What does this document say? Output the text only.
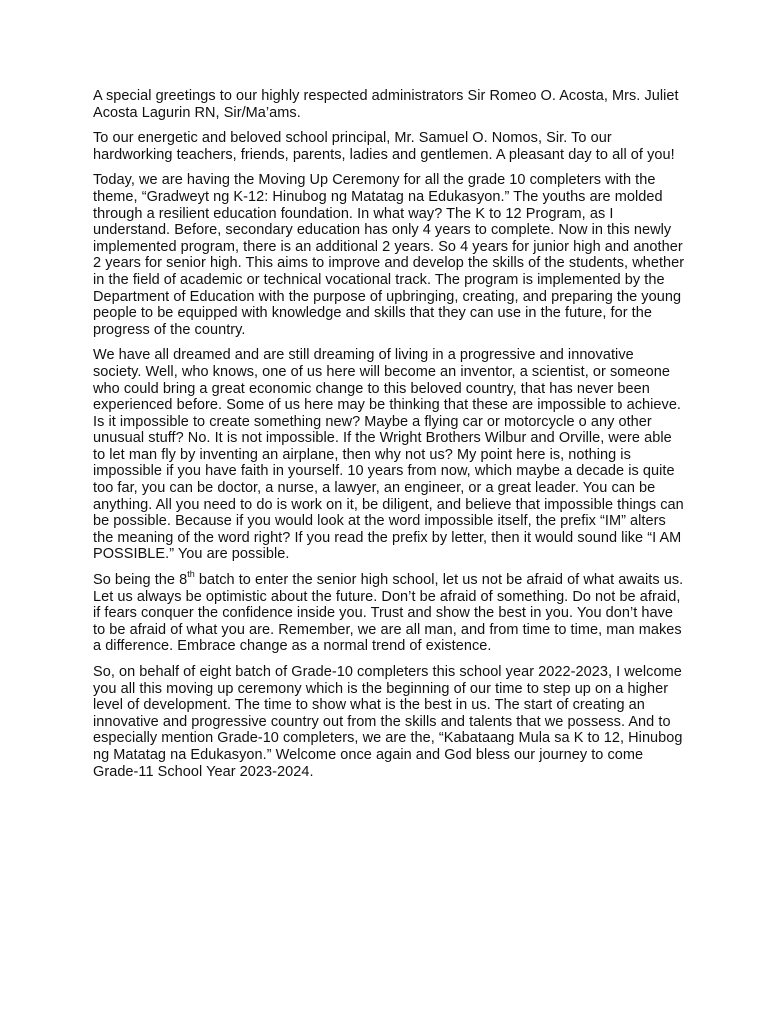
A special greetings to our highly respected administrators Sir Romeo O. Acosta, Mrs. Juliet Acosta Lagurin RN, Sir/Ma’ams.

To our energetic and beloved school principal, Mr. Samuel O. Nomos, Sir. To our hardworking teachers, friends, parents, ladies and gentlemen. A pleasant day to all of you!

Today, we are having the Moving Up Ceremony for all the grade 10 completers with the theme, “Gradweyt ng K-12: Hinubog ng Matatag na Edukasyon.” The youths are molded through a resilient education foundation. In what way? The K to 12 Program, as I understand. Before, secondary education has only 4 years to complete. Now in this newly implemented program, there is an additional 2 years. So 4 years for junior high and another 2 years for senior high. This aims to improve and develop the skills of the students, whether in the field of academic or technical vocational track. The program is implemented by the Department of Education with the purpose of upbringing, creating, and preparing the young people to be equipped with knowledge and skills that they can use in the future, for the progress of the country.

We have all dreamed and are still dreaming of living in a progressive and innovative society. Well, who knows, one of us here will become an inventor, a scientist, or someone who could bring a great economic change to this beloved country, that has never been experienced before. Some of us here may be thinking that these are impossible to achieve. Is it impossible to create something new? Maybe a flying car or motorcycle o any other unusual stuff? No. It is not impossible. If the Wright Brothers Wilbur and Orville, were able to let man fly by inventing an airplane, then why not us? My point here is, nothing is impossible if you have faith in yourself. 10 years from now, which maybe a decade is quite too far, you can be doctor, a nurse, a lawyer, an engineer, or a great leader. You can be anything. All you need to do is work on it, be diligent, and believe that impossible things can be possible. Because if you would look at the word impossible itself, the prefix “IM” alters the meaning of the word right? If you read the prefix by letter, then it would sound like “I AM POSSIBLE.” You are possible.

So being the 8th batch to enter the senior high school, let us not be afraid of what awaits us. Let us always be optimistic about the future. Don’t be afraid of something. Do not be afraid, if fears conquer the confidence inside you. Trust and show the best in you. You don’t have to be afraid of what you are. Remember, we are all man, and from time to time, man makes a difference. Embrace change as a normal trend of existence.

So, on behalf of eight batch of Grade-10 completers this school year 2022-2023, I welcome you all this moving up ceremony which is the beginning of our time to step up on a higher level of development. The time to show what is the best in us. The start of creating an innovative and progressive country out from the skills and talents that we possess. And to especially mention Grade-10 completers, we are the, “Kabataang Mula sa K to 12, Hinubog ng Matatag na Edukasyon.” Welcome once again and God bless our journey to come Grade-11 School Year 2023-2024.
